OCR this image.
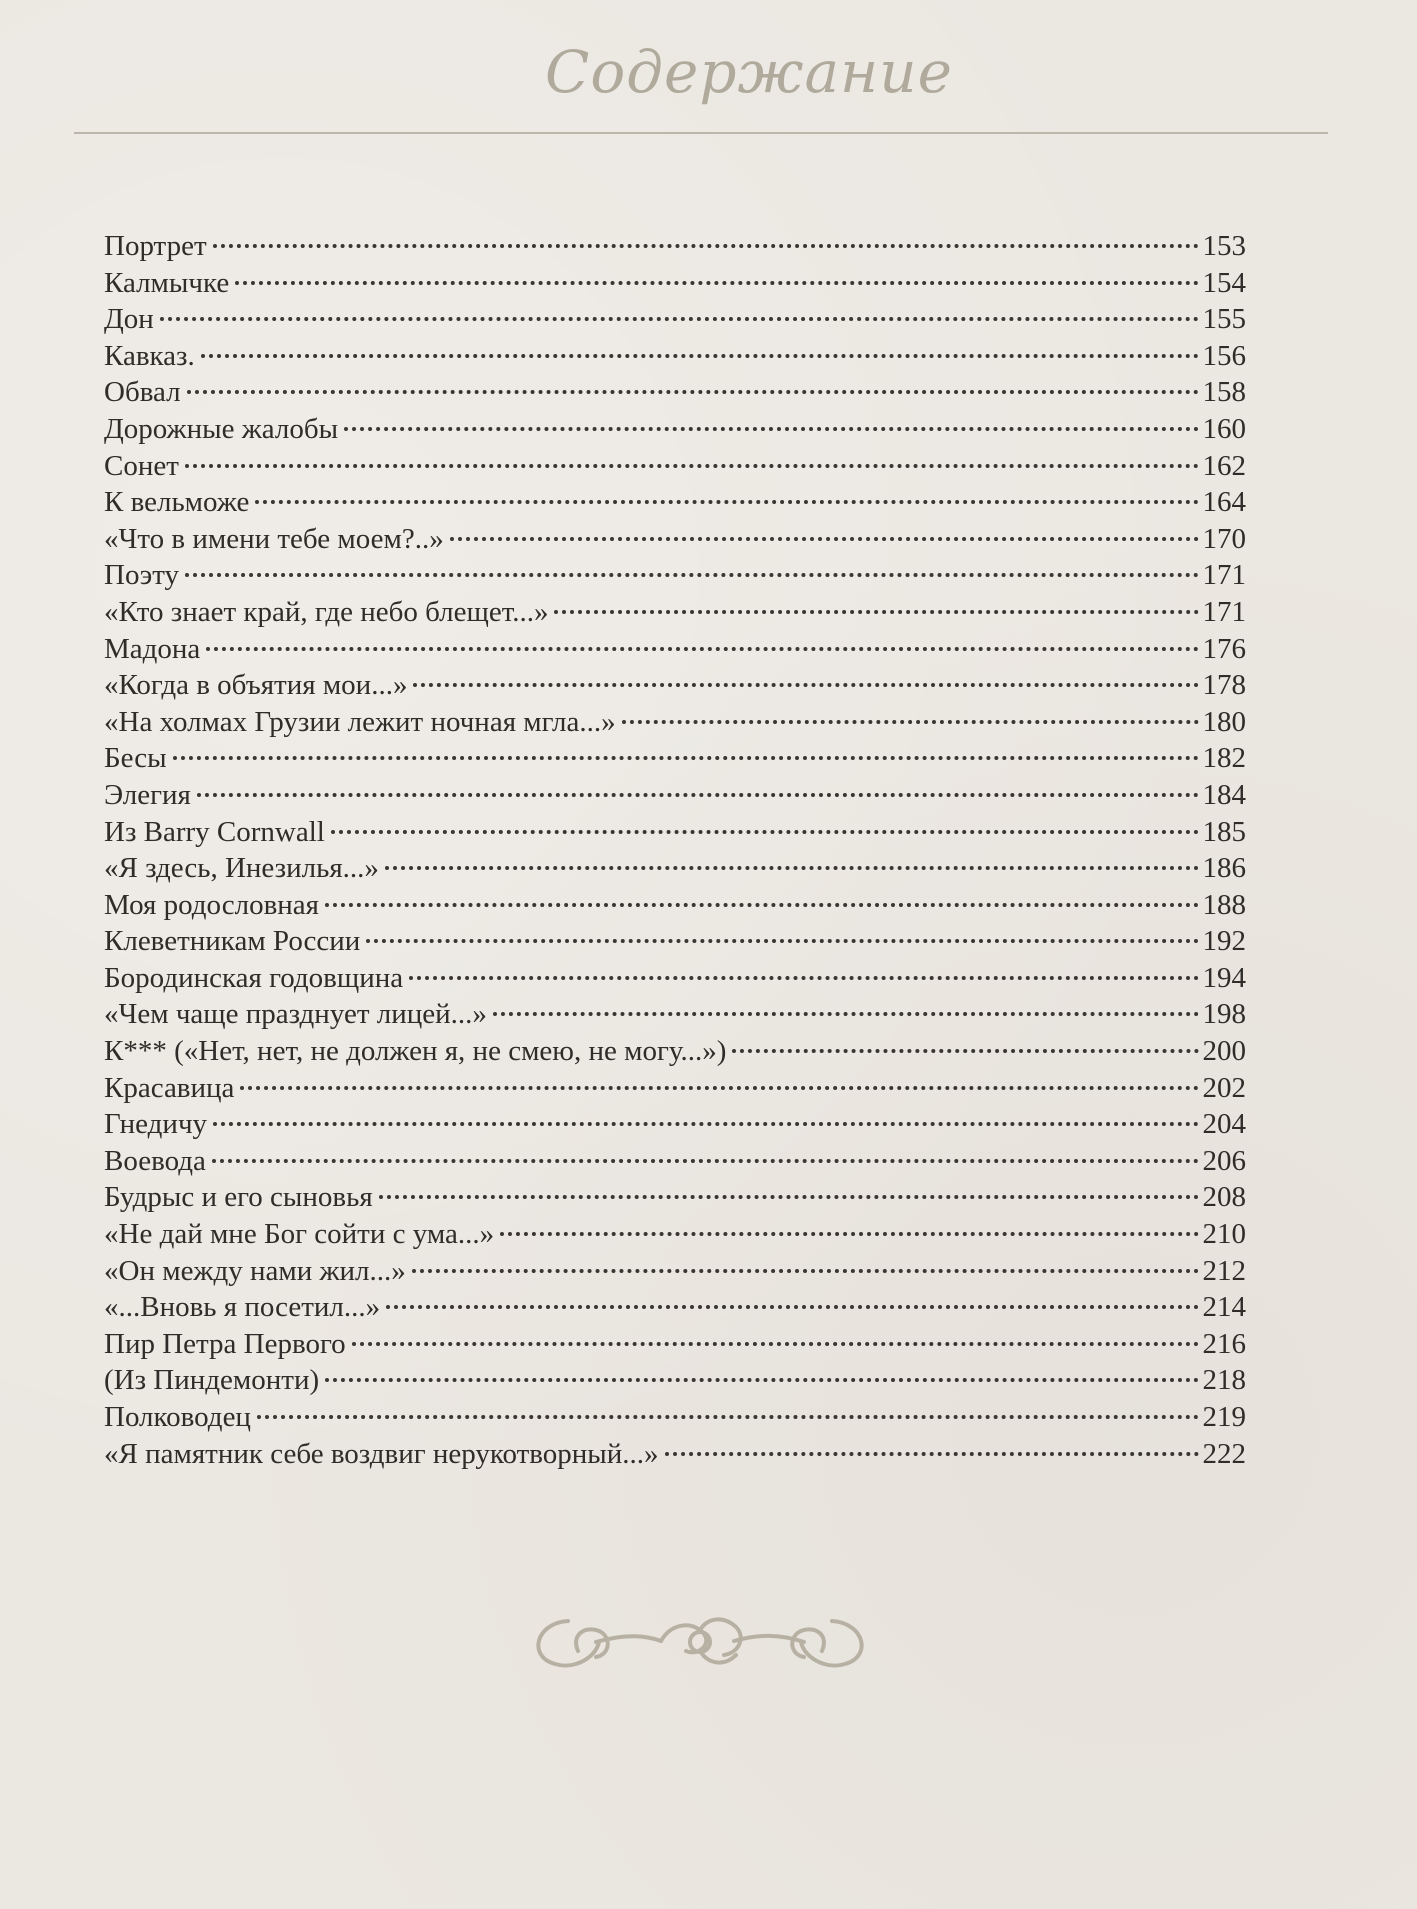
Содержание
Портрет	153
Калмычке	154
Дон	155
Кавказ.	156
Обвал	158
Дорожные жалобы	160
Сонет	162
К вельможе	164
«Что в имени тебе моем?..»	170
Поэту	171
«Кто знает край, где небо блещет...»	171
Мадона	176
«Когда в объятия мои...»	178
«На холмах Грузии лежит ночная мгла...»	180
Бесы	182
Элегия	184
Из Barry Cornwall	185
«Я здесь, Инезилья...»	186
Моя родословная	188
Клеветникам России	192
Бородинская годовщина	194
«Чем чаще празднует лицей...»	198
К*** («Нет, нет, не должен я, не смею, не могу...»)	200
Красавица	202
Гнедичу	204
Воевода	206
Будрыс и его сыновья	208
«Не дай мне Бог сойти с ума...»	210
«Он между нами жил...»	212
«...Вновь я посетил...»	214
Пир Петра Первого	216
(Из Пиндемонти)	218
Полководец	219
«Я памятник себе воздвиг нерукотворный...»	222
